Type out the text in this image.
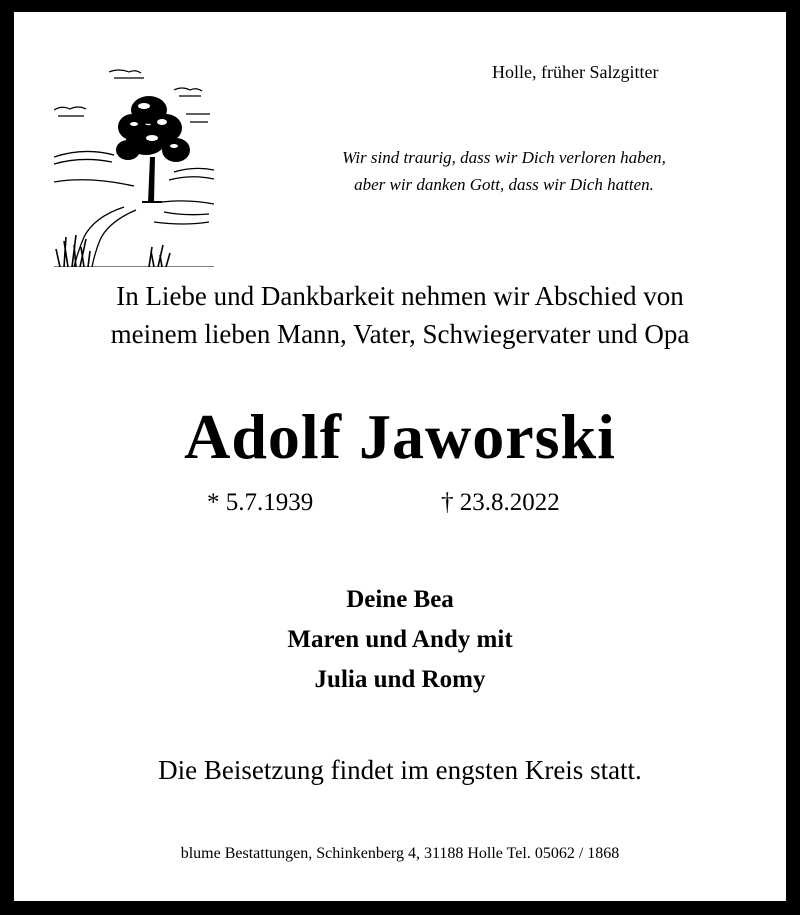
Holle, früher Salzgitter
Wir sind traurig, dass wir Dich verloren haben,
aber wir danken Gott, dass wir Dich hatten.
In Liebe und Dankbarkeit nehmen wir Abschied von
meinem lieben Mann, Vater, Schwiegervater und Opa
Adolf Jaworski
* 5.7.1939	† 23.8.2022
Deine Bea
Maren und Andy mit
Julia und Romy
Die Beisetzung findet im engsten Kreis statt.
blume Bestattungen, Schinkenberg 4, 31188 Holle Tel. 05062 / 1868
